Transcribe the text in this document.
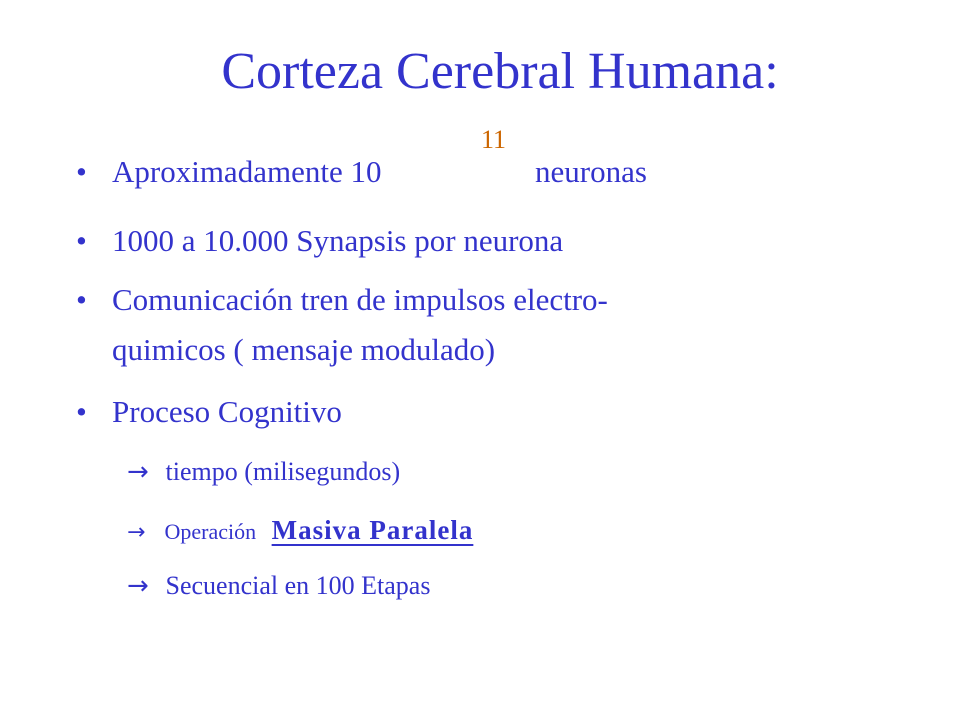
Corteza Cerebral Humana:
• Aproximadamente 10
11
neuronas
• 1000 a 10.000 Synapsis por neurona
• Comunicación tren de impulsos electro-
quimicos ( mensaje modulado)
• Proceso Cognitivo
→ tiempo (milisegundos)
→ Operación Masiva Paralela
→ Secuencial en 100 Etapas
